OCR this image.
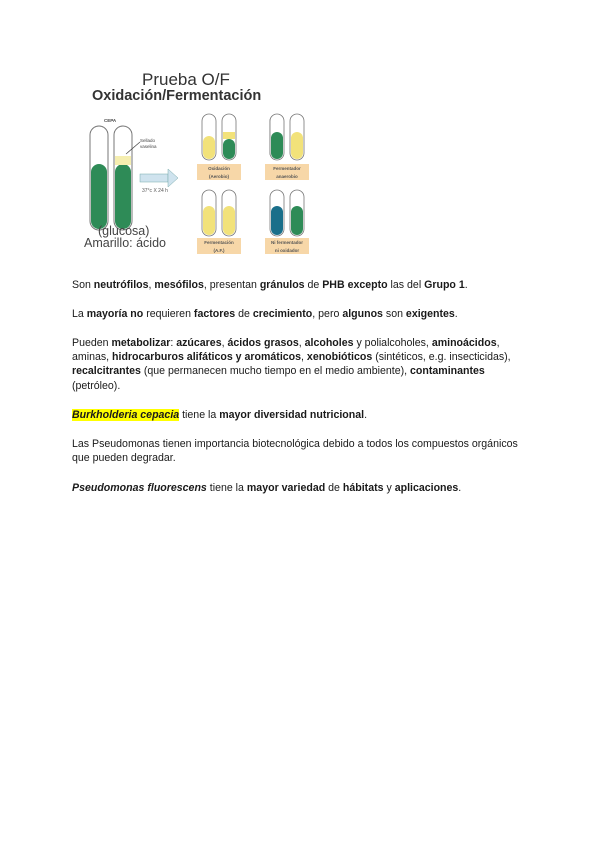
Prueba O/F
Oxidación/Fermentación
CEPA
Sellado
vaselina
37°c X 24 h
(glucosa)
Amarillo: ácido
Oxidación
(Aerobio)
Fermentación
(A.F.)
Fermentador
anaerobio
Ni fermentador
ni oxidador

Son neutrófilos, mesófilos, presentan gránulos de PHB excepto las del Grupo 1.

La mayoría no requieren factores de crecimiento, pero algunos son exigentes.

Pueden metabolizar: azúcares, ácidos grasos, alcoholes y polialcoholes, aminoácidos, aminas, hidrocarburos alifáticos y aromáticos, xenobióticos (sintéticos, e.g. insecticidas), recalcitrantes (que permanecen mucho tiempo en el medio ambiente), contaminantes (petróleo).

Burkholderia cepacia tiene la mayor diversidad nutricional.

Las Pseudomonas tienen importancia biotecnológica debido a todos los compuestos orgánicos que pueden degradar.

Pseudomonas fluorescens tiene la mayor variedad de hábitats y aplicaciones.
